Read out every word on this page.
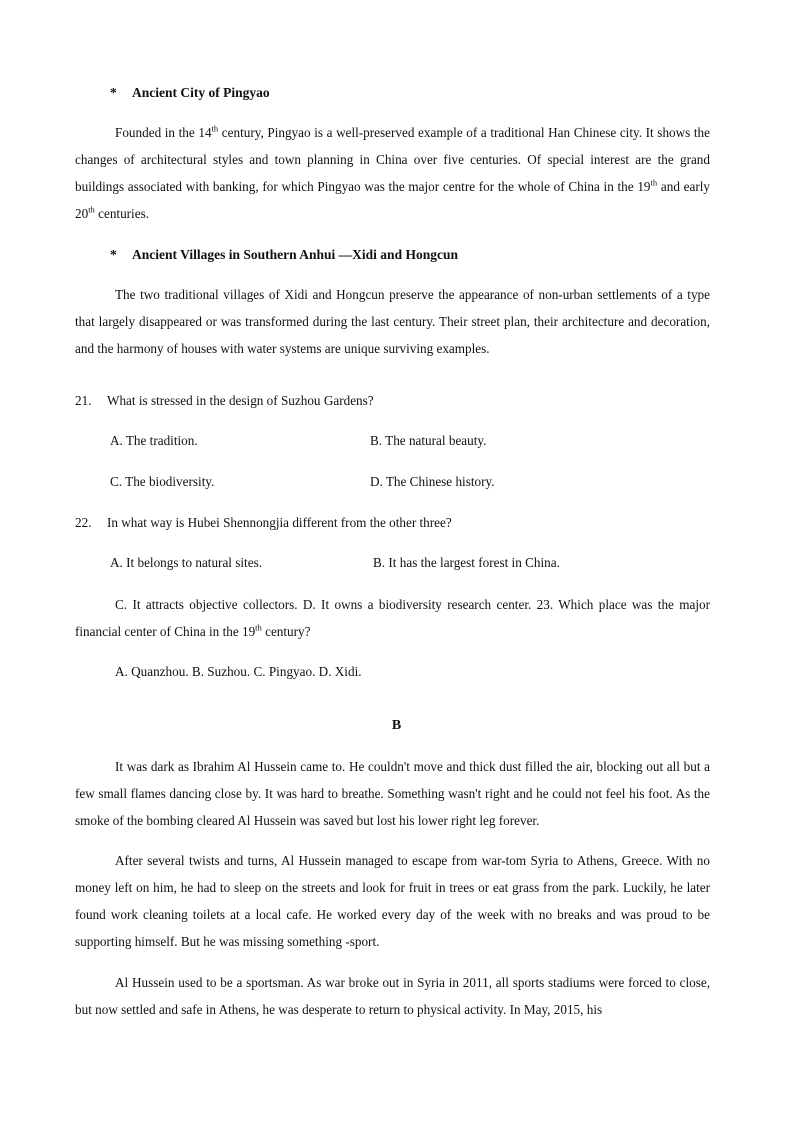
* Ancient City of Pingyao
Founded in the 14th century, Pingyao is a well-preserved example of a traditional Han Chinese city. It shows the changes of architectural styles and town planning in China over five centuries. Of special interest are the grand buildings associated with banking, for which Pingyao was the major centre for the whole of China in the 19th and early 20th centuries.
* Ancient Villages in Southern Anhui —Xidi and Hongcun
The two traditional villages of Xidi and Hongcun preserve the appearance of non-urban settlements of a type that largely disappeared or was transformed during the last century. Their street plan, their architecture and decoration, and the harmony of houses with water systems are unique surviving examples.
21. What is stressed in the design of Suzhou Gardens?
A. The tradition.	B. The natural beauty.
C. The biodiversity.	D. The Chinese history.
22. In what way is Hubei Shennongjia different from the other three?
A. It belongs to natural sites.	B. It has the largest forest in China.
C. It attracts objective collectors. D. It owns a biodiversity research center. 23. Which place was the major financial center of China in the 19th century?
A. Quanzhou. B. Suzhou. C. Pingyao. D. Xidi.
B
It was dark as Ibrahim Al Hussein came to. He couldn't move and thick dust filled the air, blocking out all but a few small flames dancing close by. It was hard to breathe. Something wasn't right and he could not feel his foot. As the smoke of the bombing cleared Al Hussein was saved but lost his lower right leg forever.
After several twists and turns, Al Hussein managed to escape from war-tom Syria to Athens, Greece. With no money left on him, he had to sleep on the streets and look for fruit in trees or eat grass from the park. Luckily, he later found work cleaning toilets at a local cafe. He worked every day of the week with no breaks and was proud to be supporting himself. But he was missing something -sport.
Al Hussein used to be a sportsman. As war broke out in Syria in 2011, all sports stadiums were forced to close, but now settled and safe in Athens, he was desperate to return to physical activity. In May, 2015, his
